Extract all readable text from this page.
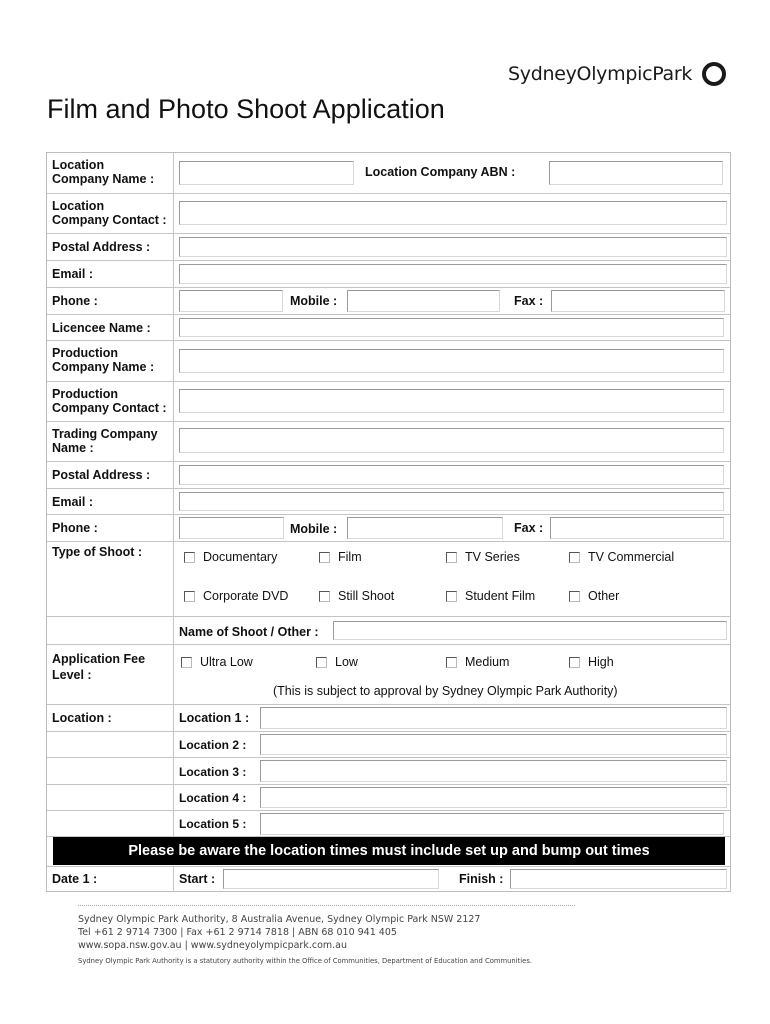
SydneyOlympicPark
Film and Photo Shoot Application
Location
Company Name :	Location Company ABN :
Location
Company Contact :
Postal Address :
Email :
Phone :	Mobile :	Fax :
Licencee Name :
Production
Company Name :
Production
Company Contact :
Trading Company
Name :
Postal Address :
Email :
Phone :	Mobile :	Fax :
Type of Shoot :	Documentary	Film	TV Series	TV Commercial
Corporate DVD	Still Shoot	Student Film	Other
Name of Shoot / Other :
Application Fee
Level :
Ultra Low	Low	Medium	High
(This is subject to approval by Sydney Olympic Park Authority)
Location :	Location 1 :
Location 2 :
Location 3 :
Location 4 :
Location 5 :
Please be aware the location times must include set up and bump out times
Date 1 :	Start :	Finish :
Sydney Olympic Park Authority, 8 Australia Avenue, Sydney Olympic Park NSW 2127
Tel +61 2 9714 7300 | Fax +61 2 9714 7818 | ABN 68 010 941 405
www.sopa.nsw.gov.au | www.sydneyolympicpark.com.au
Sydney Olympic Park Authority is a statutory authority within the Office of Communities, Department of Education and Communities.
